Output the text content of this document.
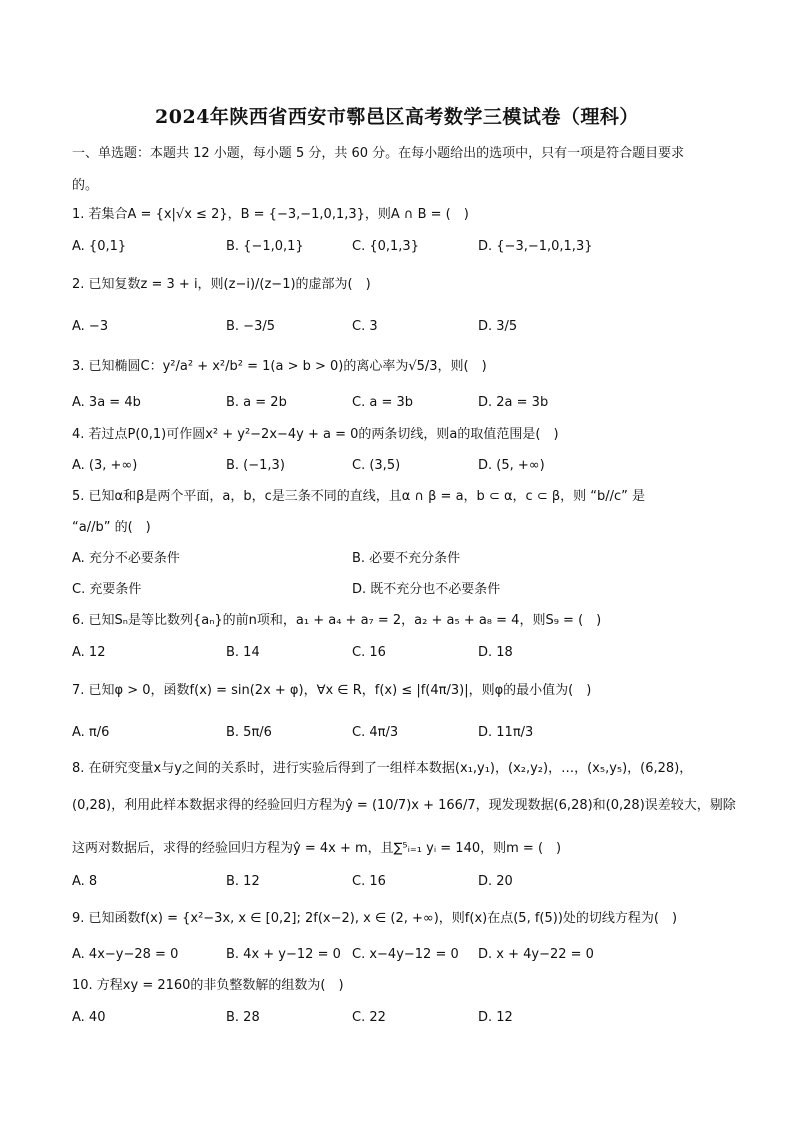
2024年陕西省西安市鄠邑区高考数学三模试卷（理科）
一、单选题：本题共 12 小题，每小题 5 分，共 60 分。在每小题给出的选项中，只有一项是符合题目要求
的。
1. 若集合A = {x|√x ≤ 2}，B = {−3,−1,0,1,3}，则A ∩ B = (　)
A. {0,1}	B. {−1,0,1}	C. {0,1,3}	D. {−3,−1,0,1,3}
2. 已知复数z = 3 + i，则(z−i)/(z−1)的虚部为(　)
A. −3	B. −3/5	C. 3	D. 3/5
3. 已知椭圆C：y²/a² + x²/b² = 1(a > b > 0)的离心率为√5/3，则(　)
A. 3a = 4b	B. a = 2b	C. a = 3b	D. 2a = 3b
4. 若过点P(0,1)可作圆x² + y²−2x−4y + a = 0的两条切线，则a的取值范围是(　)
A. (3, +∞)	B. (−1,3)	C. (3,5)	D. (5, +∞)
5. 已知α和β是两个平面，a，b，c是三条不同的直线，且α ∩ β = a，b ⊂ α，c ⊂ β，则 “b//c” 是
“a//b” 的(　)
A. 充分不必要条件	B. 必要不充分条件
C. 充要条件	D. 既不充分也不必要条件
6. 已知Sₙ是等比数列{aₙ}的前n项和，a₁ + a₄ + a₇ = 2，a₂ + a₅ + a₈ = 4，则S₉ = (　)
A. 12	B. 14	C. 16	D. 18
7. 已知φ > 0，函数f(x) = sin(2x + φ)，∀x ∈ R，f(x) ≤ |f(4π/3)|，则φ的最小值为(　)
A. π/6	B. 5π/6	C. 4π/3	D. 11π/3
8. 在研究变量x与y之间的关系时，进行实验后得到了一组样本数据(x₁,y₁)，(x₂,y₂)，…，(x₅,y₅)，(6,28)，
(0,28)，利用此样本数据求得的经验回归方程为ŷ = (10/7)x + 166/7，现发现数据(6,28)和(0,28)误差较大，剔除
这两对数据后，求得的经验回归方程为ŷ = 4x + m，且∑⁵ᵢ₌₁ yᵢ = 140，则m = (　)
A. 8	B. 12	C. 16	D. 20
9. 已知函数f(x) = {x²−3x, x ∈ [0,2]; 2f(x−2), x ∈ (2, +∞)，则f(x)在点(5, f(5))处的切线方程为(　)
A. 4x−y−28 = 0	B. 4x + y−12 = 0 C. x−4y−12 = 0 D. x + 4y−22 = 0
10. 方程xy = 2160的非负整数解的组数为(　)
A. 40	B. 28	C. 22	D. 12
